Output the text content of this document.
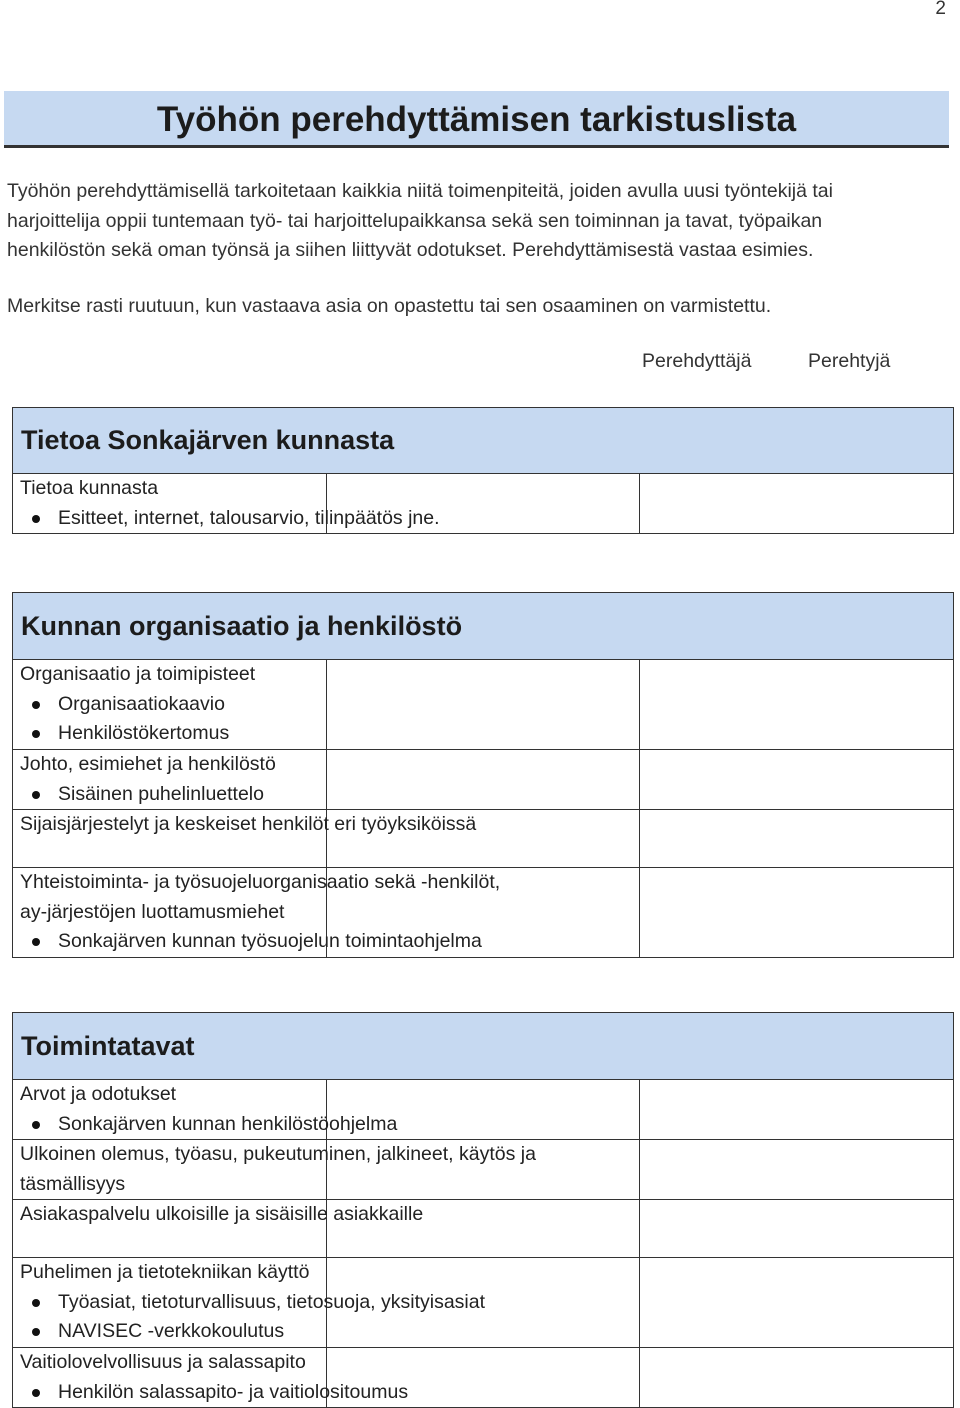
2
Työhön perehdyttämisen tarkistuslista

Työhön perehdyttämisellä tarkoitetaan kaikkia niitä toimenpiteitä, joiden avulla uusi työntekijä tai
harjoittelija oppii tuntemaan työ- tai harjoittelupaikkansa sekä sen toiminnan ja tavat, työpaikan
henkilöstön sekä oman työnsä ja siihen liittyvät odotukset. Perehdyttämisestä vastaa esimies.

Merkitse rasti ruutuun, kun vastaava asia on opastettu tai sen osaaminen on varmistettu.

Perehdyttäjä	Perehtyjä
Tietoa Sonkajärven kunnasta

Tietoa kunnasta
Esitteet, internet, talousarvio, tilinpäätös jne.

Kunnan organisaatio ja henkilöstö		

Organisaatio ja toimipisteet
Organisaatiokaavio
Henkilöstökertomus		

Johto, esimiehet ja henkilöstö
Sisäinen puhelinluettelo		

Sijaisjärjestelyt ja keskeiset henkilöt eri työyksiköissä		

Yhteistoiminta- ja työsuojeluorganisaatio sekä -henkilöt,
ay-järjestöjen luottamusmiehet
Sonkajärven kunnan työsuojelun toimintaohjelma		

Toimintatavat		

Arvot ja odotukset
Sonkajärven kunnan henkilöstöohjelma		

Ulkoinen olemus, työasu, pukeutuminen, jalkineet, käytös ja
täsmällisyys		

Asiakaspalvelu ulkoisille ja sisäisille asiakkaille		

Puhelimen ja tietotekniikan käyttö
Työasiat, tietoturvallisuus, tietosuoja, yksityisasiat
NAVISEC -verkkokoulutus		

Vaitiolovelvollisuus ja salassapito
Henkilön salassapito- ja vaitiolositoumus		
